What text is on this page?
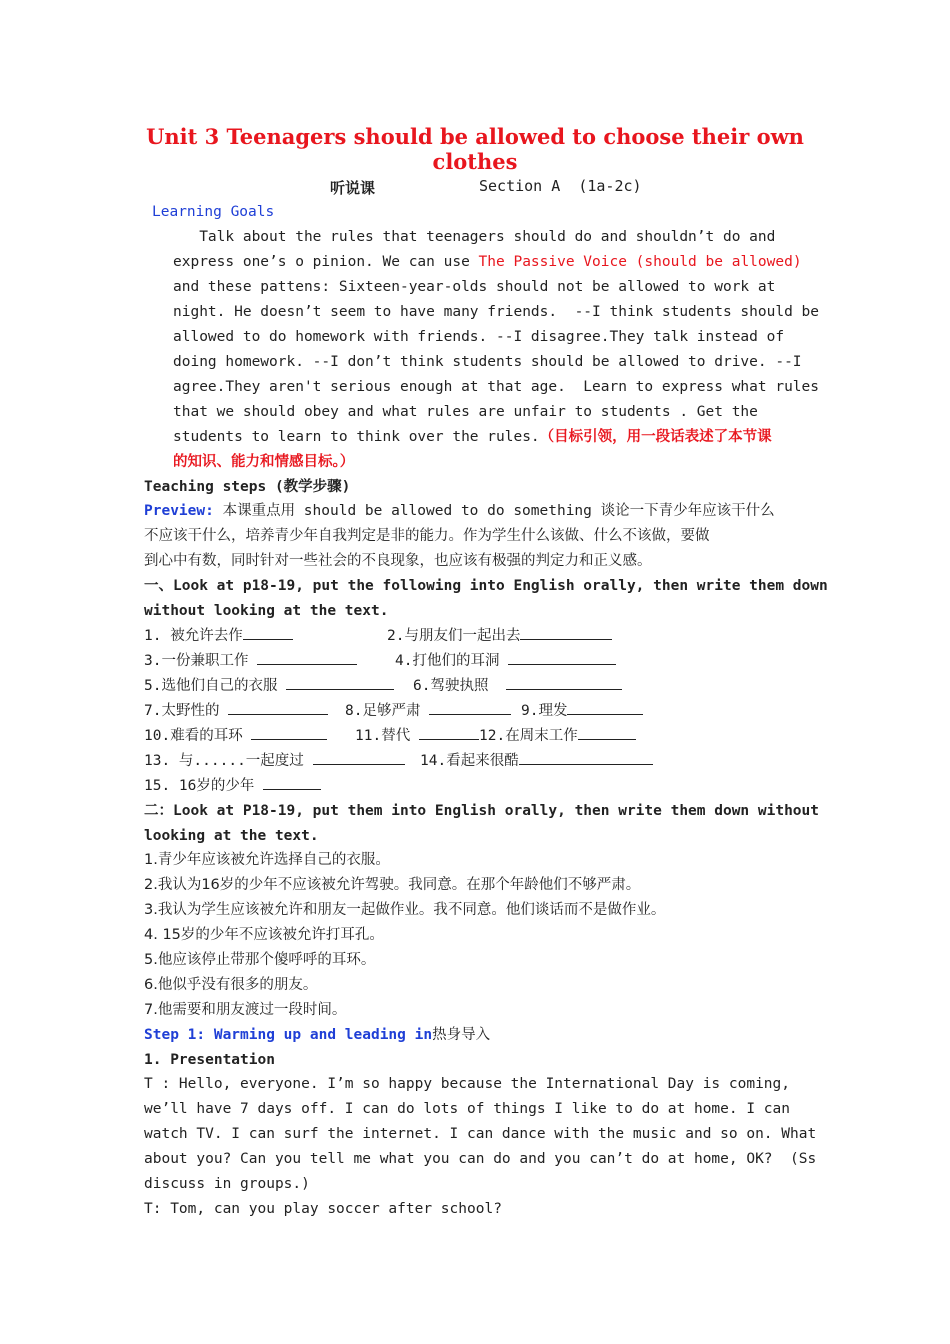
Unit 3 Teenagers should be allowed to choose their own clothes
听说课	Section A  (1a-2c)
Learning Goals
Talk about the rules that teenagers should do and shouldn’t do and
express one’s o pinion. We can use The Passive Voice (should be allowed)
and these pattens: Sixteen-year-olds should not be allowed to work at
night. He doesn’t seem to have many friends.  --I think students should be
allowed to do homework with friends. --I disagree.They talk instead of
doing homework. --I don’t think students should be allowed to drive. --I
agree.They aren't serious enough at that age.  Learn to express what rules
that we should obey and what rules are unfair to students . Get the
students to learn to think over the rules.（目标引领，用一段话表述了本节课
的知识、能力和情感目标。）
Teaching steps (教学步骤)
Preview: 本课重点用 should be allowed to do something 谈论一下青少年应该干什么
不应该干什么，培养青少年自我判定是非的能力。作为学生什么该做、什么不该做，要做
到心中有数，同时针对一些社会的不良现象，也应该有极强的判定力和正义感。
一、Look at p18-19, put the following into English orally, then write them down
without looking at the text.
1. 被允许去作	2.与朋友们一起出去
3.一份兼职工作	4.打他们的耳洞
5.选他们自己的衣服	6.驾驶执照
7.太野性的	8.足够严肃	9.理发
10.难看的耳环	11.替代	12.在周末工作
13. 与......一起度过	14.看起来很酷
15. 16岁的少年
二：Look at P18-19, put them into English orally, then write them down without
looking at the text.
1.青少年应该被允许选择自己的衣服。
2.我认为16岁的少年不应该被允许驾驶。我同意。在那个年龄他们不够严肃。
3.我认为学生应该被允许和朋友一起做作业。我不同意。他们谈话而不是做作业。
4. 15岁的少年不应该被允许打耳孔。
5.他应该停止带那个傻呼呼的耳环。
6.他似乎没有很多的朋友。
7.他需要和朋友渡过一段时间。
Step 1: Warming up and leading in热身导入
1. Presentation
T : Hello, everyone. I’m so happy because the International Day is coming,
we’ll have 7 days off. I can do lots of things I like to do at home. I can
watch TV. I can surf the internet. I can dance with the music and so on. What
about you? Can you tell me what you can do and you can’t do at home, OK?  (Ss
discuss in groups.)
T: Tom, can you play soccer after school?
